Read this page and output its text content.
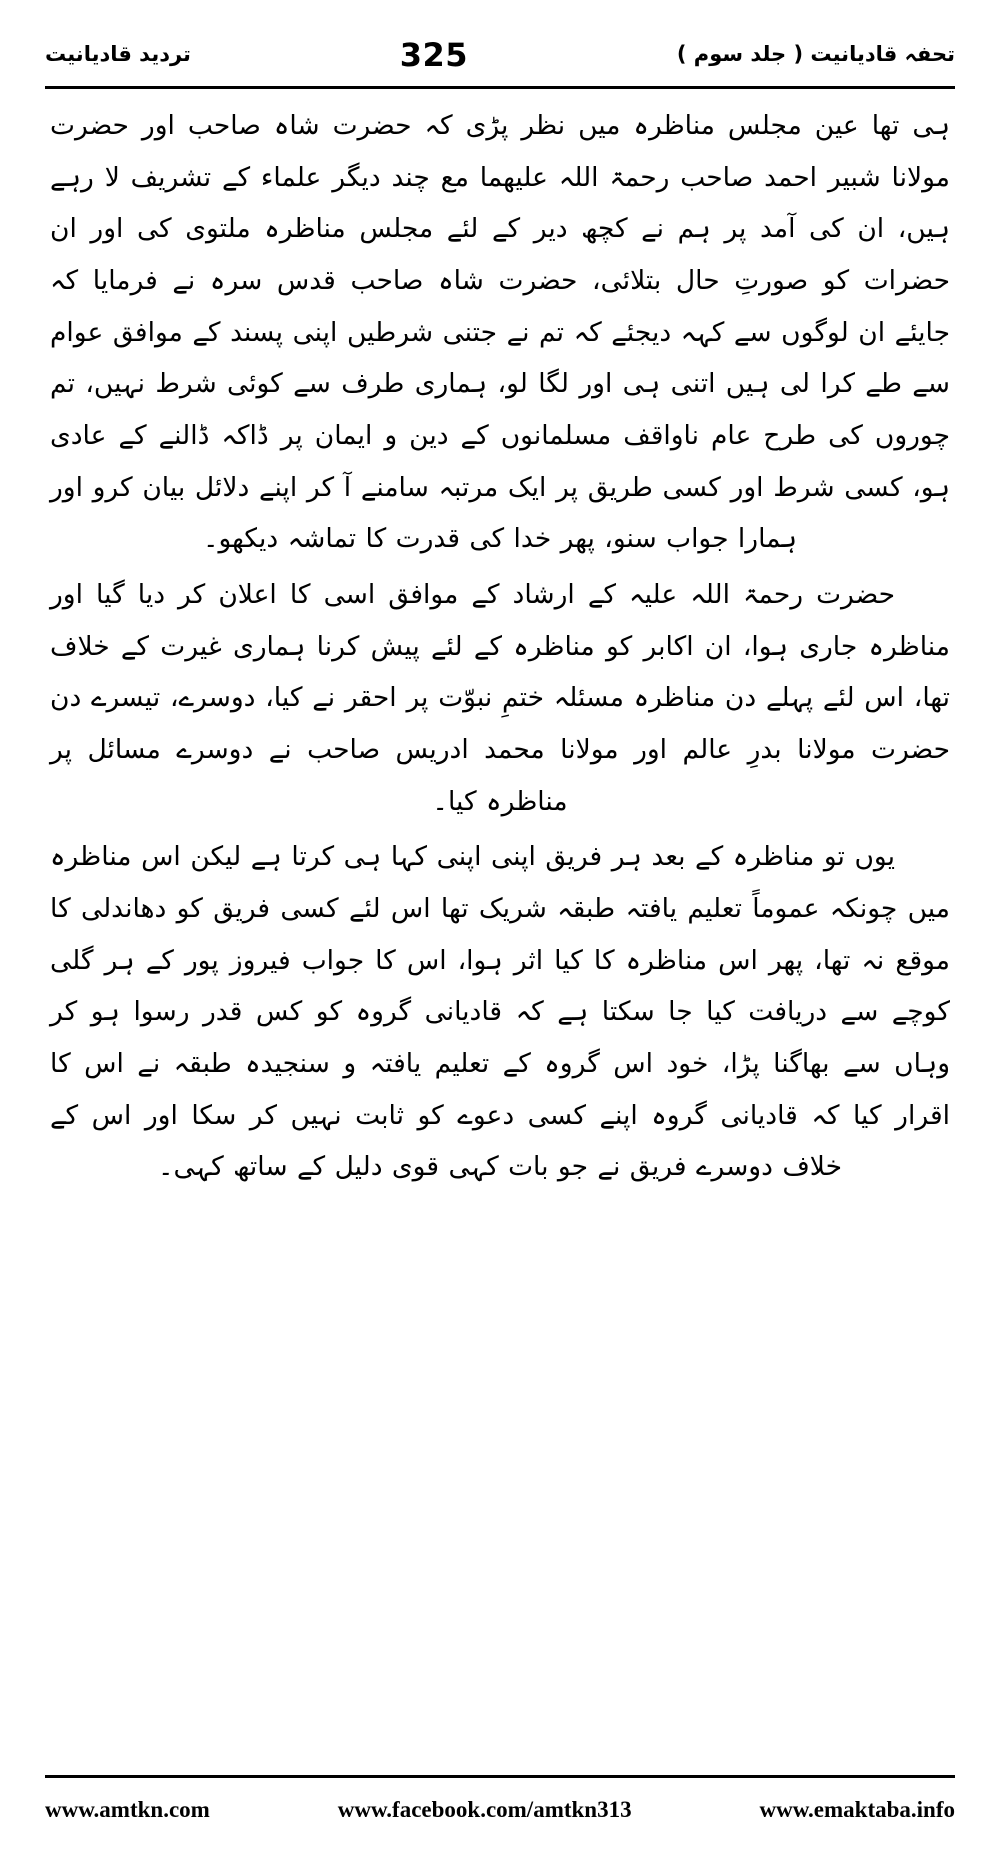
تحفہ قادیانیت ( جلد سوم )
325
تردید قادیانیت

ہی تھا عین مجلس مناظرہ میں نظر پڑی کہ حضرت شاہ صاحب اور حضرت مولانا شبیر احمد صاحب رحمۃ اللہ علیھما مع چند دیگر علماء کے تشریف لا رہے ہیں، ان کی آمد پر ہم نے کچھ دیر کے لئے مجلس مناظرہ ملتوی کی اور ان حضرات کو صورتِ حال بتلائی، حضرت شاہ صاحب قدس سرہ نے فرمایا کہ جایئے ان لوگوں سے کہہ دیجئے کہ تم نے جتنی شرطیں اپنی پسند کے موافق عوام سے طے کرا لی ہیں اتنی ہی اور لگا لو، ہماری طرف سے کوئی شرط نہیں، تم چوروں کی طرح عام ناواقف مسلمانوں کے دین و ایمان پر ڈاکہ ڈالنے کے عادی ہو، کسی شرط اور کسی طریق پر ایک مرتبہ سامنے آ کر اپنے دلائل بیان کرو اور ہمارا جواب سنو، پھر خدا کی قدرت کا تماشہ دیکھو۔

حضرت رحمۃ اللہ علیہ کے ارشاد کے موافق اسی کا اعلان کر دیا گیا اور مناظرہ جاری ہوا، ان اکابر کو مناظرہ کے لئے پیش کرنا ہماری غیرت کے خلاف تھا، اس لئے پہلے دن مناظرہ مسئلہ ختمِ نبوّت پر احقر نے کیا، دوسرے، تیسرے دن حضرت مولانا بدرِ عالم اور مولانا محمد ادریس صاحب نے دوسرے مسائل پر مناظرہ کیا۔

یوں تو مناظرہ کے بعد ہر فریق اپنی اپنی کہا ہی کرتا ہے لیکن اس مناظرہ میں چونکہ عموماً تعلیم یافتہ طبقہ شریک تھا اس لئے کسی فریق کو دھاندلی کا موقع نہ تھا، پھر اس مناظرہ کا کیا اثر ہوا، اس کا جواب فیروز پور کے ہر گلی کوچے سے دریافت کیا جا سکتا ہے کہ قادیانی گروہ کو کس قدر رسوا ہو کر وہاں سے بھاگنا پڑا، خود اس گروہ کے تعلیم یافتہ و سنجیدہ طبقہ نے اس کا اقرار کیا کہ قادیانی گروہ اپنے کسی دعوے کو ثابت نہیں کر سکا اور اس کے خلاف دوسرے فریق نے جو بات کہی قوی دلیل کے ساتھ کہی۔

www.amtkn.com	www.facebook.com/amtkn313	www.emaktaba.info
